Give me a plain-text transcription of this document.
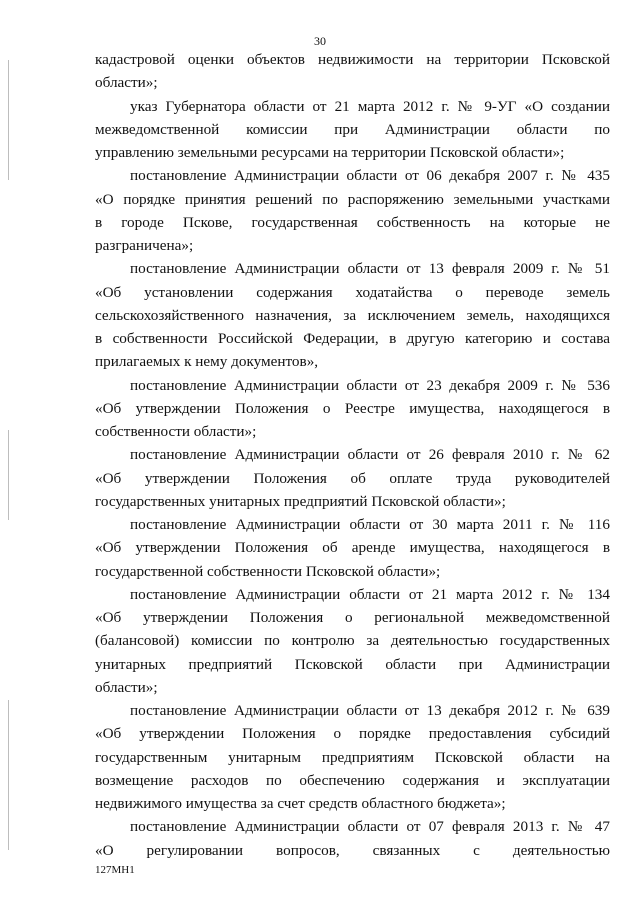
30
кадастровой оценки объектов недвижимости на территории Псковской
области»;
указ Губернатора области от 21 марта 2012 г. № 9-УГ «О создании
межведомственной комиссии при Администрации области по
управлению земельными ресурсами на территории Псковской области»;
постановление Администрации области от 06 декабря 2007 г. № 435
«О порядке принятия решений по распоряжению земельными участками
в городе Пскове, государственная собственность на которые не
разграничена»;
постановление Администрации области от 13 февраля 2009 г. № 51
«Об установлении содержания ходатайства о переводе земель
сельскохозяйственного назначения, за исключением земель, находящихся
в собственности Российской Федерации, в другую категорию и состава
прилагаемых к нему документов»,
постановление Администрации области от 23 декабря 2009 г. № 536
«Об утверждении Положения о Реестре имущества, находящегося в
собственности области»;
постановление Администрации области от 26 февраля 2010 г. № 62
«Об утверждении Положения об оплате труда руководителей
государственных унитарных предприятий Псковской области»;
постановление Администрации области от 30 марта 2011 г. № 116
«Об утверждении Положения об аренде имущества, находящегося в
государственной собственности Псковской области»;
постановление Администрации области от 21 марта 2012 г. № 134
«Об утверждении Положения о региональной межведомственной
(балансовой) комиссии по контролю за деятельностью государственных
унитарных предприятий Псковской области при Администрации
области»;
постановление Администрации области от 13 декабря 2012 г. № 639
«Об утверждении Положения о порядке предоставления субсидий
государственным унитарным предприятиям Псковской области на
возмещение расходов по обеспечению содержания и эксплуатации
недвижимого имущества за счет средств областного бюджета»;
постановление Администрации области от 07 февраля 2013 г. № 47
«О регулировании вопросов, связанных с деятельностью
127МН1
